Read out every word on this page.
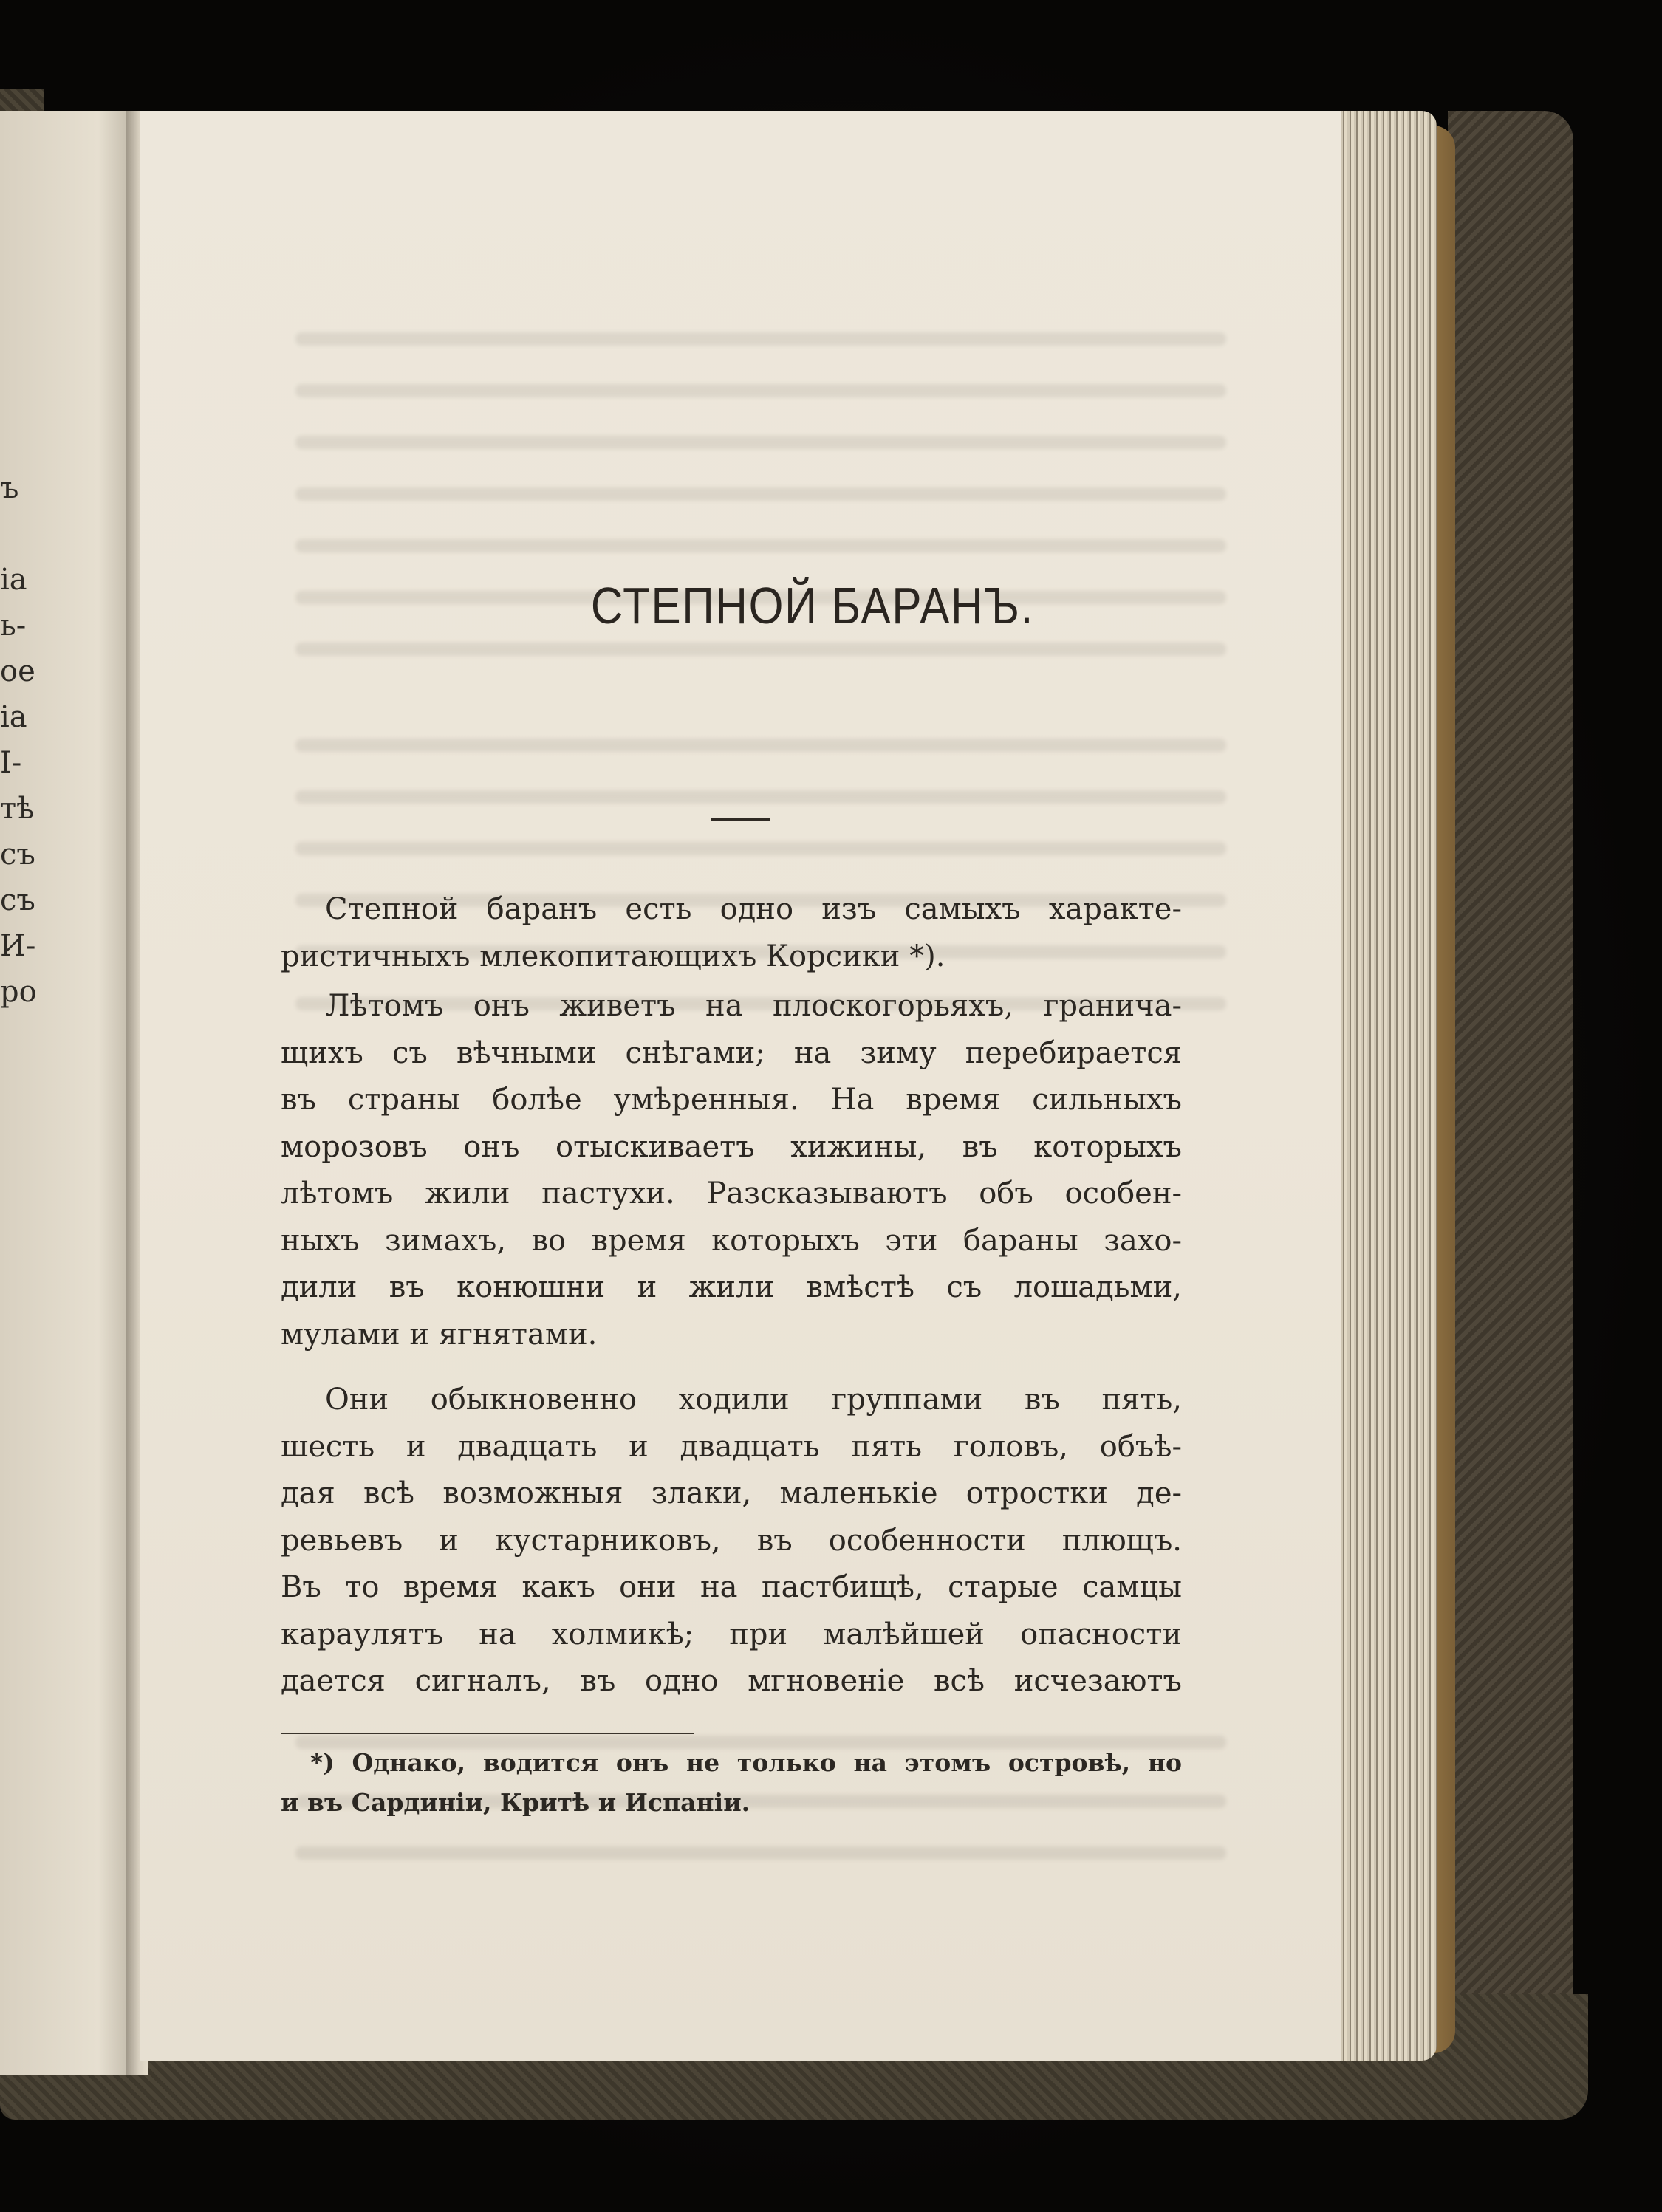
ъ
ia
ь-
ое
ia
I-
тѣ
съ
съ
И-
ро
СТЕПНОЙ БАРАНЪ.
Степной баранъ есть одно изъ самыхъ характе-
ристичныхъ млекопитающихъ Корсики *).
Лѣтомъ онъ живетъ на плоскогорьяхъ, гранича-
щихъ съ вѣчными снѣгами; на зиму перебирается
въ страны болѣе умѣренныя. На время сильныхъ
морозовъ онъ отыскиваетъ хижины, въ которыхъ
лѣтомъ жили пастухи. Разсказываютъ объ особен-
ныхъ зимахъ, во время которыхъ эти бараны захо-
дили въ конюшни и жили вмѣстѣ съ лошадьми,
мулами и ягнятами.
Они обыкновенно ходили группами въ пять,
шесть и двадцать и двадцать пять головъ, объѣ-
дая всѣ возможныя злаки, маленькіе отростки де-
ревьевъ и кустарниковъ, въ особенности плющъ.
Въ то время какъ они на пастбищѣ, старые самцы
караулятъ на холмикѣ; при малѣйшей опасности
дается сигналъ, въ одно мгновеніе всѣ исчезаютъ
*) Однако, водится онъ не только на этомъ островѣ, но
и въ Сардиніи, Критѣ и Испаніи.
